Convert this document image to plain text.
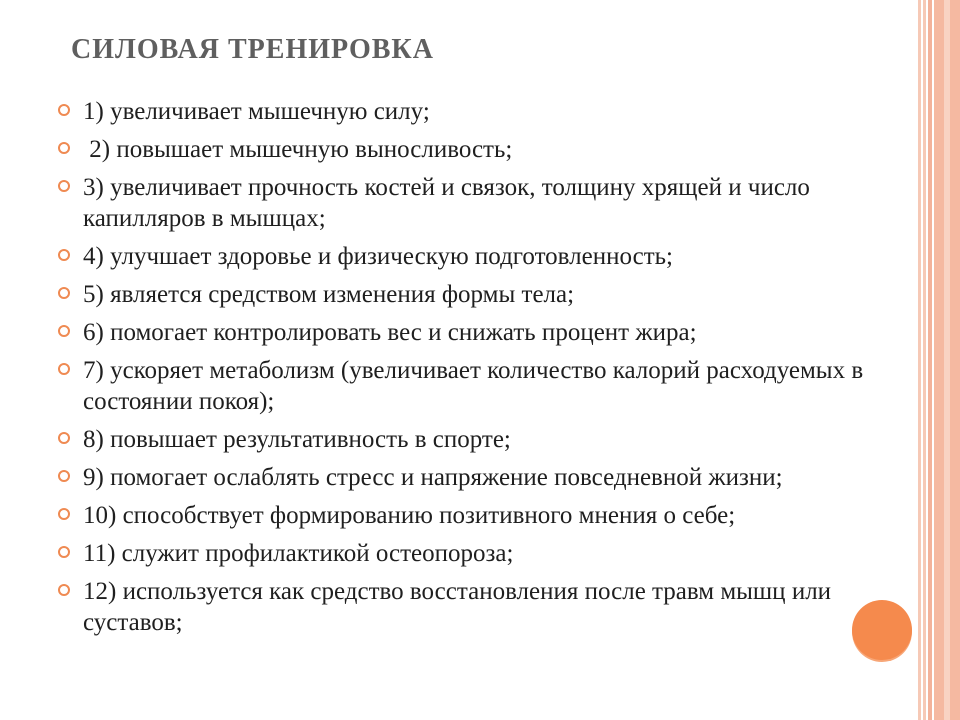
СИЛОВАЯ ТРЕНИРОВКА
1) увеличивает мышечную силу;
2) повышает мышечную выносливость;
3) увеличивает прочность костей и связок, толщину хрящей и число капилляров в мышцах;
4) улучшает здоровье и физическую подготовленность;
5) является средством изменения формы тела;
6) помогает контролировать вес и снижать процент жира;
7) ускоряет метаболизм (увеличивает количество калорий расходуемых в состоянии покоя);
8) повышает результативность в спорте;
9) помогает ослаблять стресс и напряжение повседневной жизни;
10) способствует формированию позитивного мнения о себе;
11) служит профилактикой остеопороза;
12) используется как средство восстановления после травм мышц или суставов;
